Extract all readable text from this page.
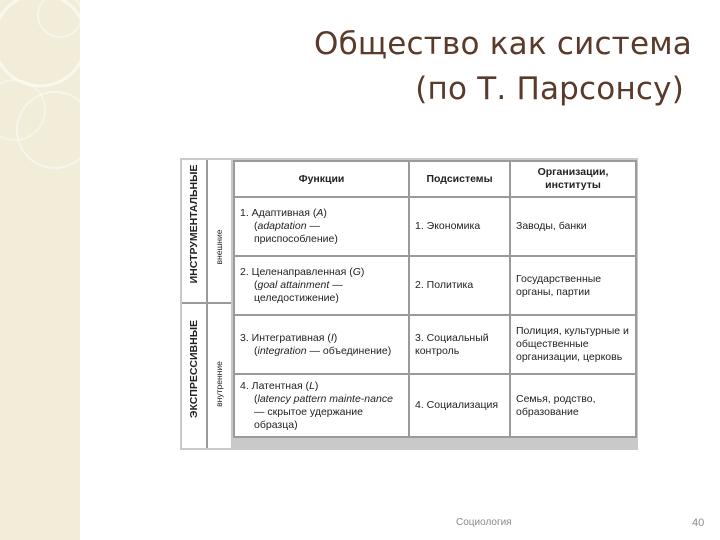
Общество как система
(по Т. Парсонсу)
ИНСТРУМЕНТАЛЬНЫЕ
ЭКСПРЕССИВНЫЕ
внешние
внутренние
Функции	Подсистемы	Организации, институты
1. Адаптивная (A)
(adaptation —
приспособление)	1. Экономика	Заводы, банки
2. Целенаправленная (G)
(goal attainment —
целедостижение)	2. Политика	Государственные органы, партии
3. Интегративная (I)
(integration — объединение)	3. Социальный контроль	Полиция, культурные и общественные организации, церковь
4. Латентная (L)
(latency pattern mainte-nance — скрытое удержание
образца)	4. Социализация	Семья, родство, образование
Социология	40
